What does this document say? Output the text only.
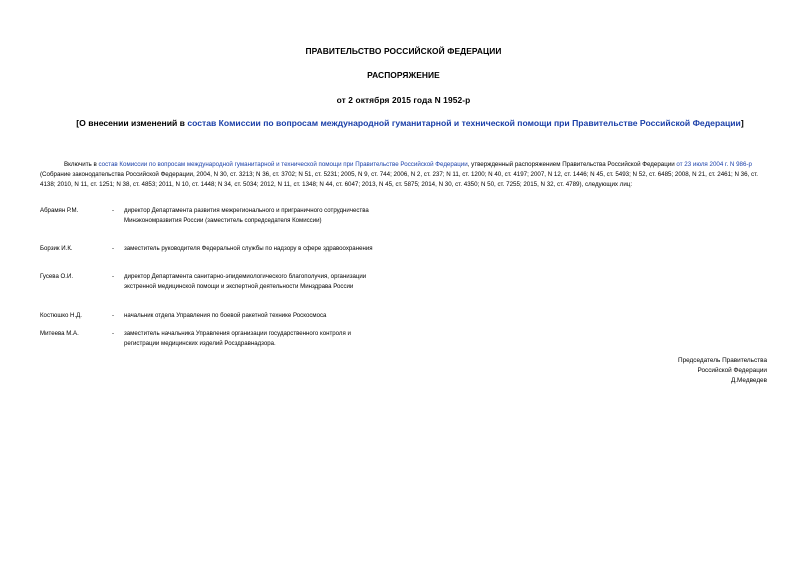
ПРАВИТЕЛЬСТВО РОССИЙСКОЙ ФЕДЕРАЦИИ
РАСПОРЯЖЕНИЕ
от 2 октября 2015 года N 1952-р
[О внесении изменений в состав Комиссии по вопросам международной гуманитарной и технической помощи при Правительстве Российской Федерации]
Включить в состав Комиссии по вопросам международной гуманитарной и технической помощи при Правительстве Российской Федерации, утвержденный распоряжением Правительства Российской Федерации от 23 июля 2004 г. N 986-р (Собрание законодательства Российской Федерации, 2004, N 30, ст. 3213; N 36, ст. 3702; N 51, ст. 5231; 2005, N 9, ст. 744; 2006, N 2, ст. 237; N 11, ст. 1200; N 40, ст. 4197; 2007, N 12, ст. 1446; N 45, ст. 5493; N 52, ст. 6485; 2008, N 21, ст. 2461; N 36, ст. 4138; 2010, N 11, ст. 1251; N 38, ст. 4853; 2011, N 10, ст. 1448; N 34, ст. 5034; 2012, N 11, ст. 1348; N 44, ст. 6047; 2013, N 45, ст. 5875; 2014, N 30, ст. 4350; N 50, ст. 7255; 2015, N 32, ст. 4789), следующих лиц:
Абрамян Р.М.	-	директор Департамента развития межрегионального и приграничного сотрудничества Минэкономразвития России (заместитель сопредседателя Комиссии)
Борзик И.К.	-	заместитель руководителя Федеральной службы по надзору в сфере здравоохранения
Гусева О.И.	-	директор Департамента санитарно-эпидемиологического благополучия, организации экстренной медицинской помощи и экспертной деятельности Минздрава России
Костюшко Н.Д.	-	начальник отдела Управления по боевой ракетной технике Роскосмоса
Митеева М.А.	-	заместитель начальника Управления организации государственного контроля и регистрации медицинских изделий Росздравнадзора.
Председатель Правительства
Российской Федерации
Д.Медведев
